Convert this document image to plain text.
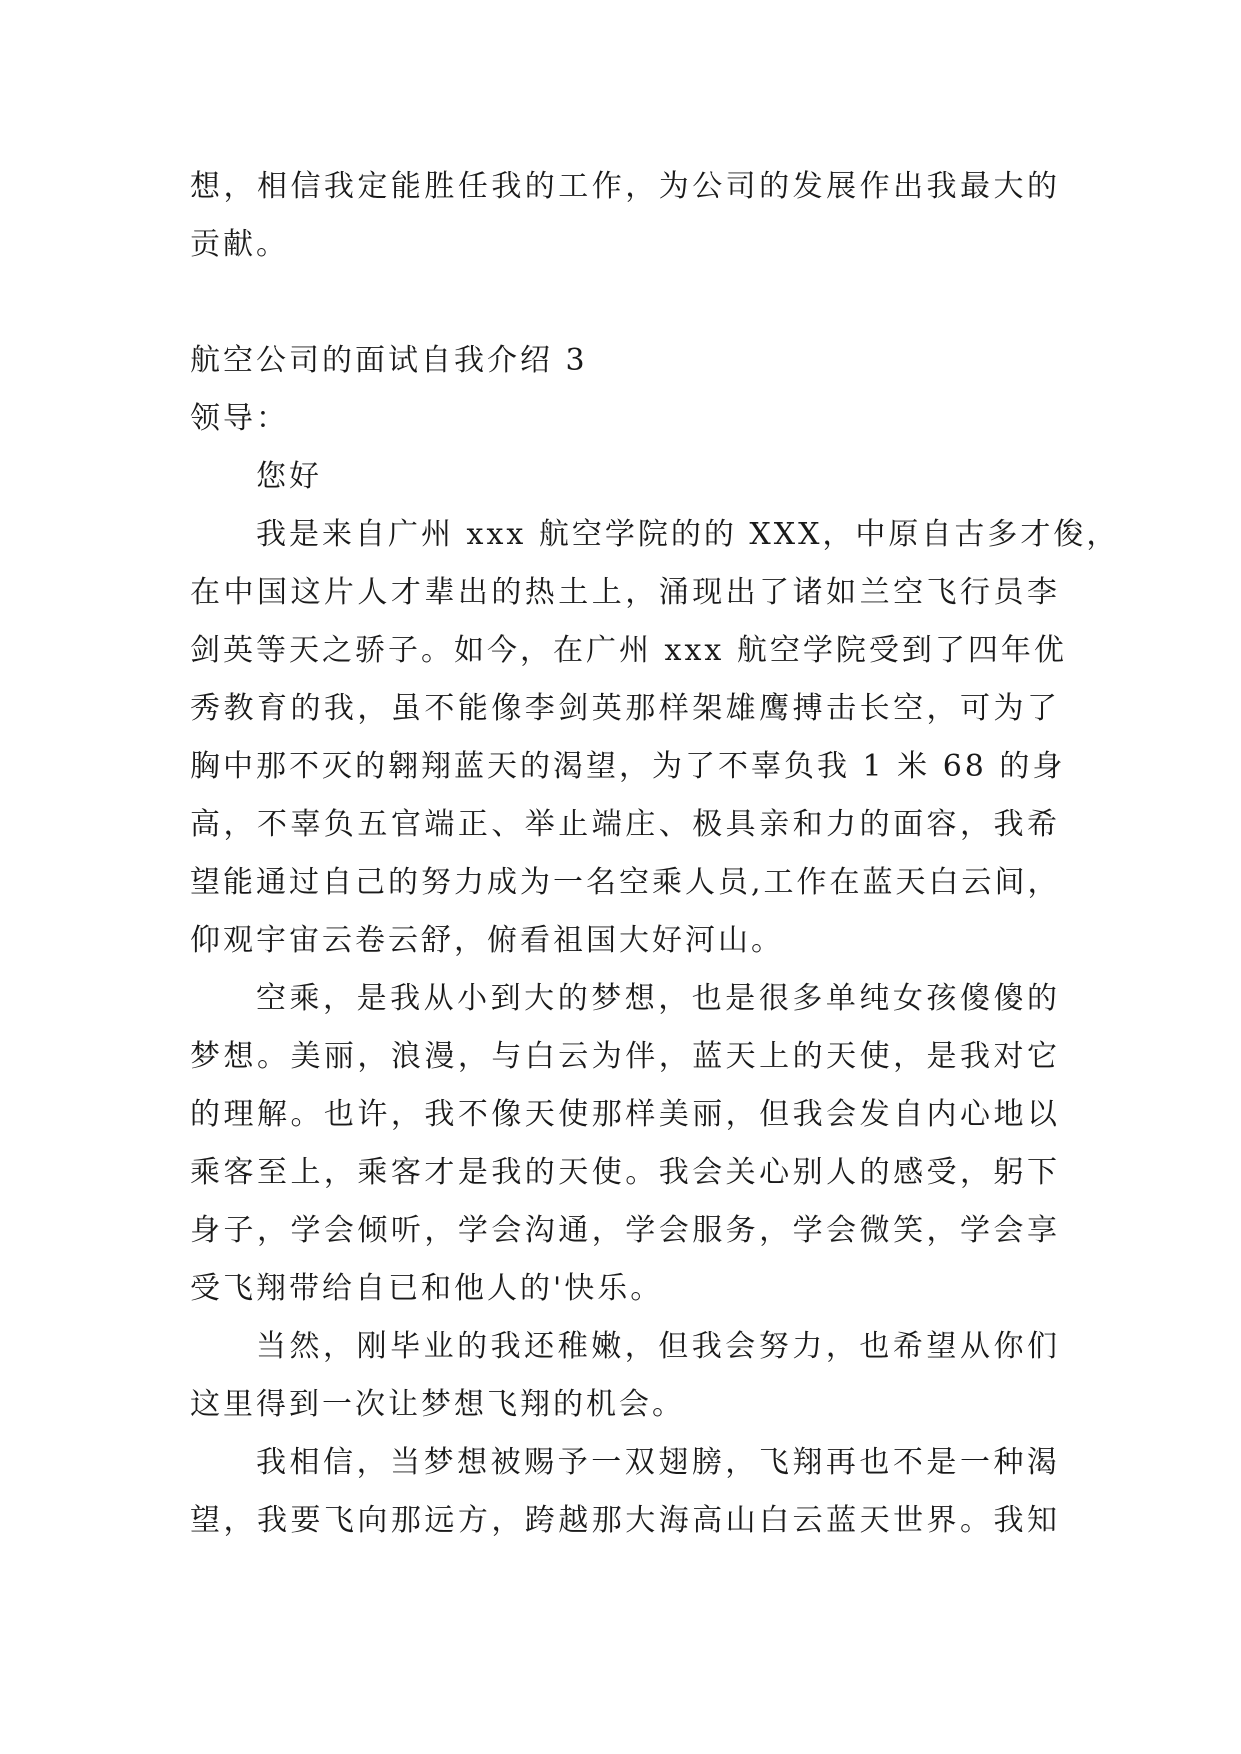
想，相信我定能胜任我的工作，为公司的发展作出我最大的
贡献。
航空公司的面试自我介绍 3
领导：
您好
我是来自广州 xxx 航空学院的的 XXX，中原自古多才俊，
在中国这片人才辈出的热土上，涌现出了诸如兰空飞行员李
剑英等天之骄子。如今，在广州 xxx 航空学院受到了四年优
秀教育的我，虽不能像李剑英那样架雄鹰搏击长空，可为了
胸中那不灭的翱翔蓝天的渴望，为了不辜负我 1 米 68 的身
高，不辜负五官端正、举止端庄、极具亲和力的面容，我希
望能通过自己的努力成为一名空乘人员,工作在蓝天白云间，
仰观宇宙云卷云舒，俯看祖国大好河山。
空乘，是我从小到大的梦想，也是很多单纯女孩傻傻的
梦想。美丽，浪漫，与白云为伴，蓝天上的天使，是我对它
的理解。也许，我不像天使那样美丽，但我会发自内心地以
乘客至上，乘客才是我的天使。我会关心别人的感受，躬下
身子，学会倾听，学会沟通，学会服务，学会微笑，学会享
受飞翔带给自已和他人的'快乐。
当然，刚毕业的我还稚嫩，但我会努力，也希望从你们
这里得到一次让梦想飞翔的机会。
我相信，当梦想被赐予一双翅膀，飞翔再也不是一种渴
望，我要飞向那远方，跨越那大海高山白云蓝天世界。我知
